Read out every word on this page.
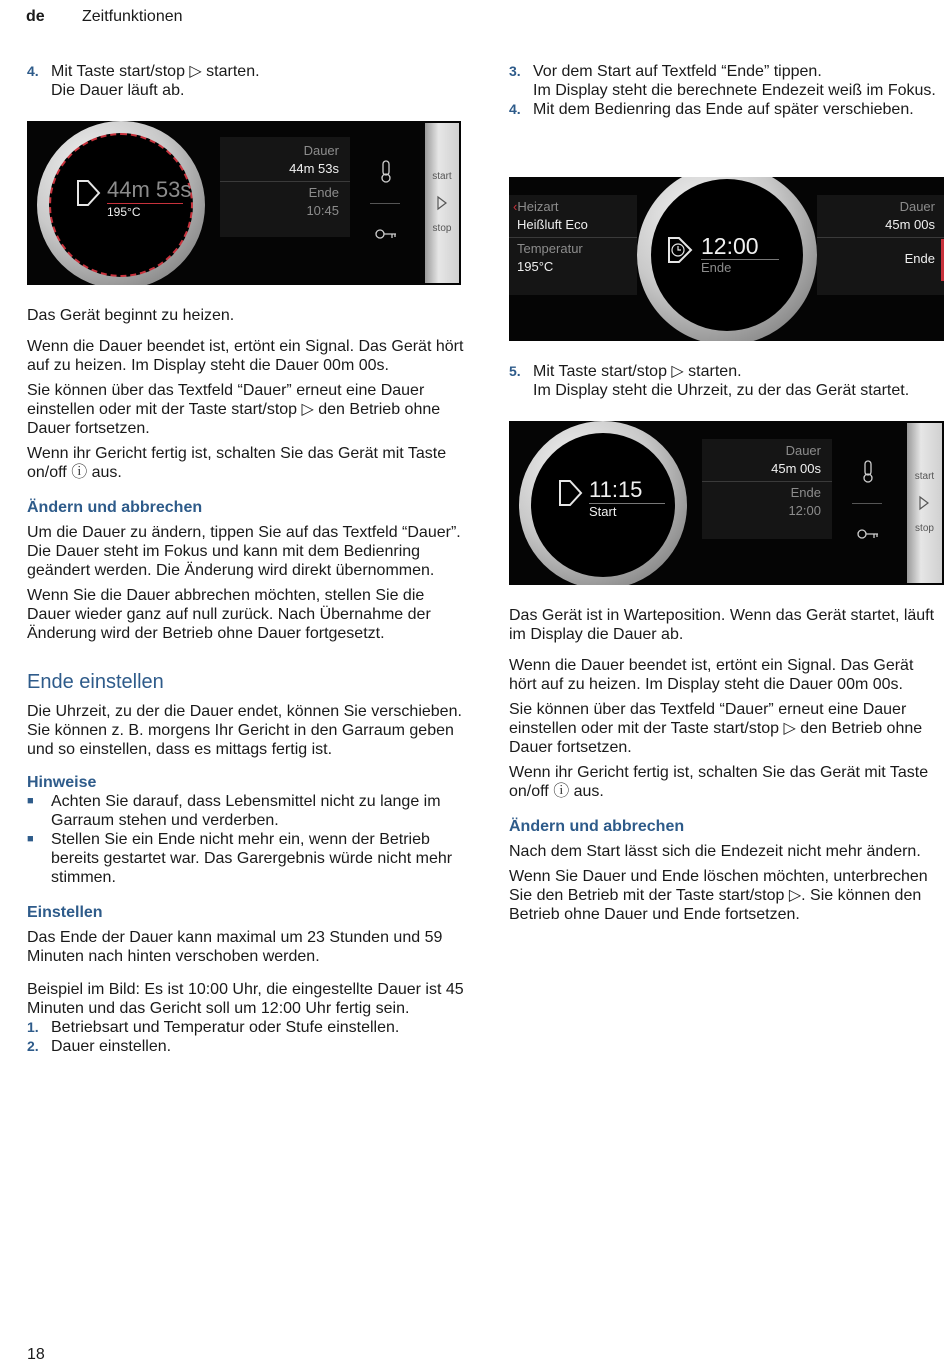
de Zeitfunktionen

4. Mit Taste start/stop ▷ starten.

Die Dauer läuft ab.

44m 53s
195°C
Dauer
44m 53s
Ende
10:45
start
stop

Das Gerät beginnt zu heizen.

Wenn die Dauer beendet ist, ertönt ein Signal. Das Gerät hört auf zu heizen. Im Display steht die Dauer 00m 00s.

Sie können über das Textfeld “Dauer” erneut eine Dauer einstellen oder mit der Taste start/stop ▷ den Betrieb ohne Dauer fortsetzen.

Wenn ihr Gericht fertig ist, schalten Sie das Gerät mit Taste on/off ⓘ aus.

Ändern und abbrechen

Um die Dauer zu ändern, tippen Sie auf das Textfeld “Dauer”. Die Dauer steht im Fokus und kann mit dem Bedienring geändert werden. Die Änderung wird direkt übernommen.

Wenn Sie die Dauer abbrechen möchten, stellen Sie die Dauer wieder ganz auf null zurück. Nach Übernahme der Änderung wird der Betrieb ohne Dauer fortgesetzt.

Ende einstellen

Die Uhrzeit, zu der die Dauer endet, können Sie verschieben. Sie können z. B. morgens Ihr Gericht in den Garraum geben und so einstellen, dass es mittags fertig ist.

Hinweise

■	Achten Sie darauf, dass Lebensmittel nicht zu lange im Garraum stehen und verderben.
■	Stellen Sie ein Ende nicht mehr ein, wenn der Betrieb bereits gestartet war. Das Garergebnis würde nicht mehr stimmen.

Einstellen

Das Ende der Dauer kann maximal um 23 Stunden und 59 Minuten nach hinten verschoben werden.

Beispiel im Bild: Es ist 10:00 Uhr, die eingestellte Dauer ist 45 Minuten und das Gericht soll um 12:00 Uhr fertig sein.

1. Betriebsart und Temperatur oder Stufe einstellen.

2. Dauer einstellen.

3. Vor dem Start auf Textfeld “Ende” tippen.

Im Display steht die berechnete Endezeit weiß im Fokus.

4. Mit dem Bedienring das Ende auf später verschieben.
‹Heizart
Heißluft Eco
Temperatur
195°C
12:00
Ende
Dauer
45m 00s
Ende

5. Mit Taste start/stop ▷ starten.

Im Display steht die Uhrzeit, zu der das Gerät startet.

11:15
Start
Dauer
45m 00s
Ende
12:00
start
stop

Das Gerät ist in Warteposition. Wenn das Gerät startet, läuft im Display die Dauer ab.

Wenn die Dauer beendet ist, ertönt ein Signal. Das Gerät hört auf zu heizen. Im Display steht die Dauer 00m 00s.

Sie können über das Textfeld “Dauer” erneut eine Dauer einstellen oder mit der Taste start/stop ▷ den Betrieb ohne Dauer fortsetzen.

Wenn ihr Gericht fertig ist, schalten Sie das Gerät mit Taste on/off ⓘ aus.

Ändern und abbrechen

Nach dem Start lässt sich die Endezeit nicht mehr ändern.

Wenn Sie Dauer und Ende löschen möchten, unterbrechen Sie den Betrieb mit der Taste start/stop ▷. Sie können den Betrieb ohne Dauer und Ende fortsetzen.

18
